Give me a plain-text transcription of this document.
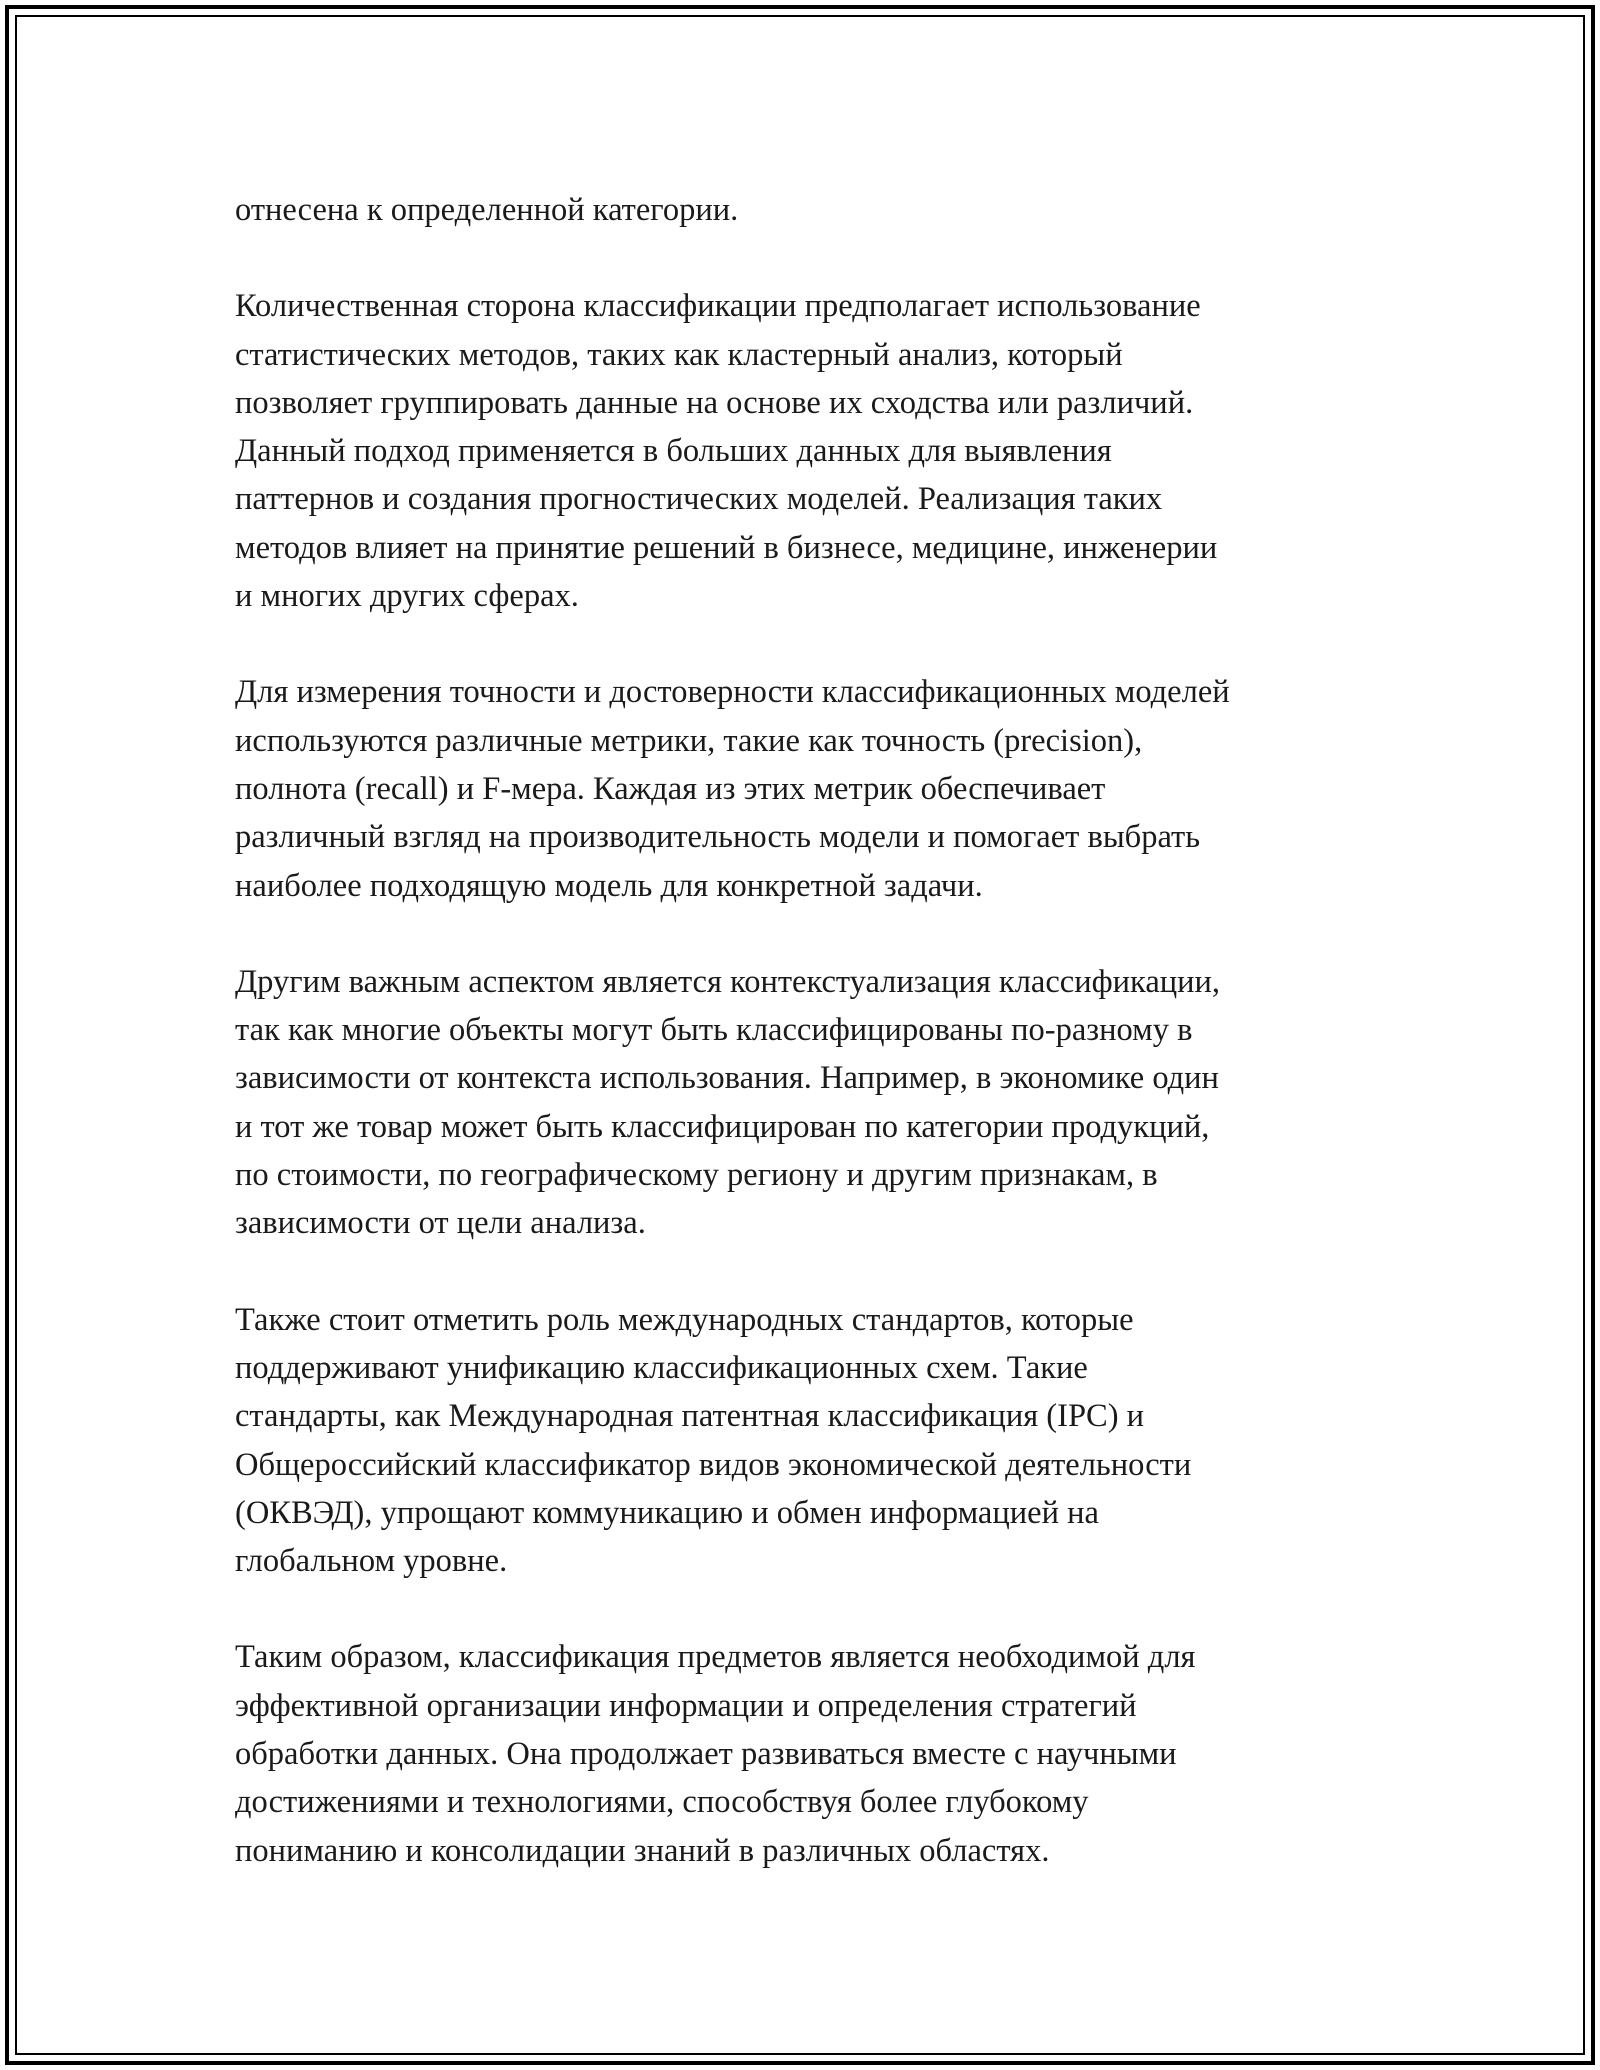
отнесена к определенной категории.

Количественная сторона классификации предполагает использование
статистических методов, таких как кластерный анализ, который
позволяет группировать данные на основе их сходства или различий.
Данный подход применяется в больших данных для выявления
паттернов и создания прогностических моделей. Реализация таких
методов влияет на принятие решений в бизнесе, медицине, инженерии
и многих других сферах.

Для измерения точности и достоверности классификационных моделей
используются различные метрики, такие как точность (precision),
полнота (recall) и F-мера. Каждая из этих метрик обеспечивает
различный взгляд на производительность модели и помогает выбрать
наиболее подходящую модель для конкретной задачи.

Другим важным аспектом является контекстуализация классификации,
так как многие объекты могут быть классифицированы по-разному в
зависимости от контекста использования. Например, в экономике один
и тот же товар может быть классифицирован по категории продукций,
по стоимости, по географическому региону и другим признакам, в
зависимости от цели анализа.

Также стоит отметить роль международных стандартов, которые
поддерживают унификацию классификационных схем. Такие
стандарты, как Международная патентная классификация (IPC) и
Общероссийский классификатор видов экономической деятельности
(ОКВЭД), упрощают коммуникацию и обмен информацией на
глобальном уровне.

Таким образом, классификация предметов является необходимой для
эффективной организации информации и определения стратегий
обработки данных. Она продолжает развиваться вместе с научными
достижениями и технологиями, способствуя более глубокому
пониманию и консолидации знаний в различных областях.
